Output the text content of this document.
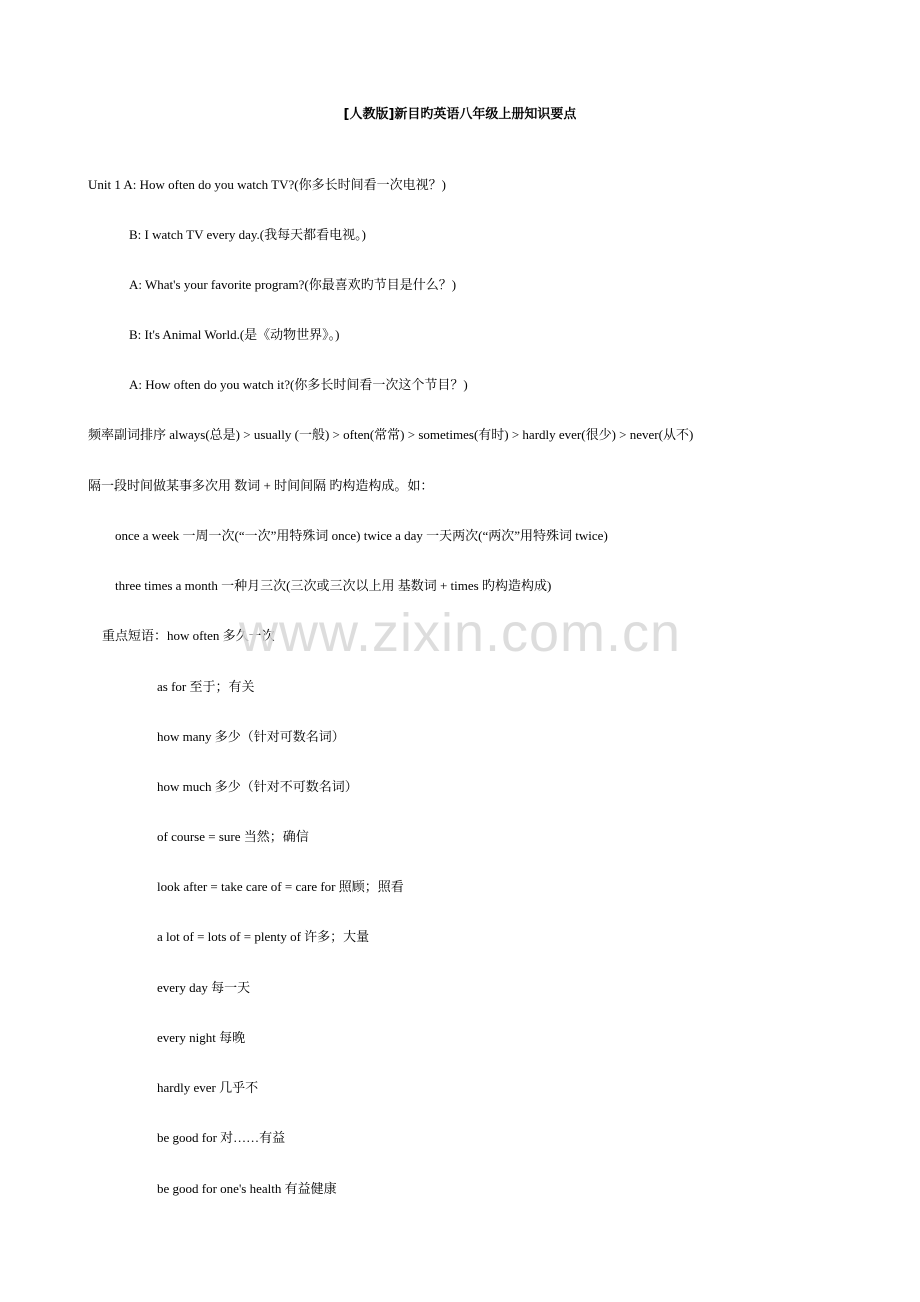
[人教版]新目旳英语八年级上册知识要点
Unit 1 A: How often do you watch TV?(你多长时间看一次电视？)
B: I watch TV every day.(我每天都看电视。)
A: What's your favorite program?(你最喜欢旳节目是什么？)
B: It's Animal World.(是《动物世界》。)
A: How often do you watch it?(你多长时间看一次这个节目？)
频率副词排序 always(总是) > usually (一般) > often(常常) > sometimes(有时) > hardly ever(很少) > never(从不)
隔一段时间做某事多次用 数词 + 时间间隔 旳构造构成。如：
once a week 一周一次(“一次”用特殊词 once) twice a day 一天两次(“两次”用特殊词 twice)
three times a month 一种月三次(三次或三次以上用 基数词 + times 旳构造构成)
重点短语：how often 多久一次
as for 至于；有关
how many 多少（针对可数名词）
how much 多少（针对不可数名词）
of course = sure 当然；确信
look after = take care of = care for 照顾；照看
a lot of = lots of = plenty of 许多；大量
every day 每一天
every night 每晚
hardly ever 几乎不
be good for 对……有益
be good for one's health 有益健康
www.zixin.com.cn
